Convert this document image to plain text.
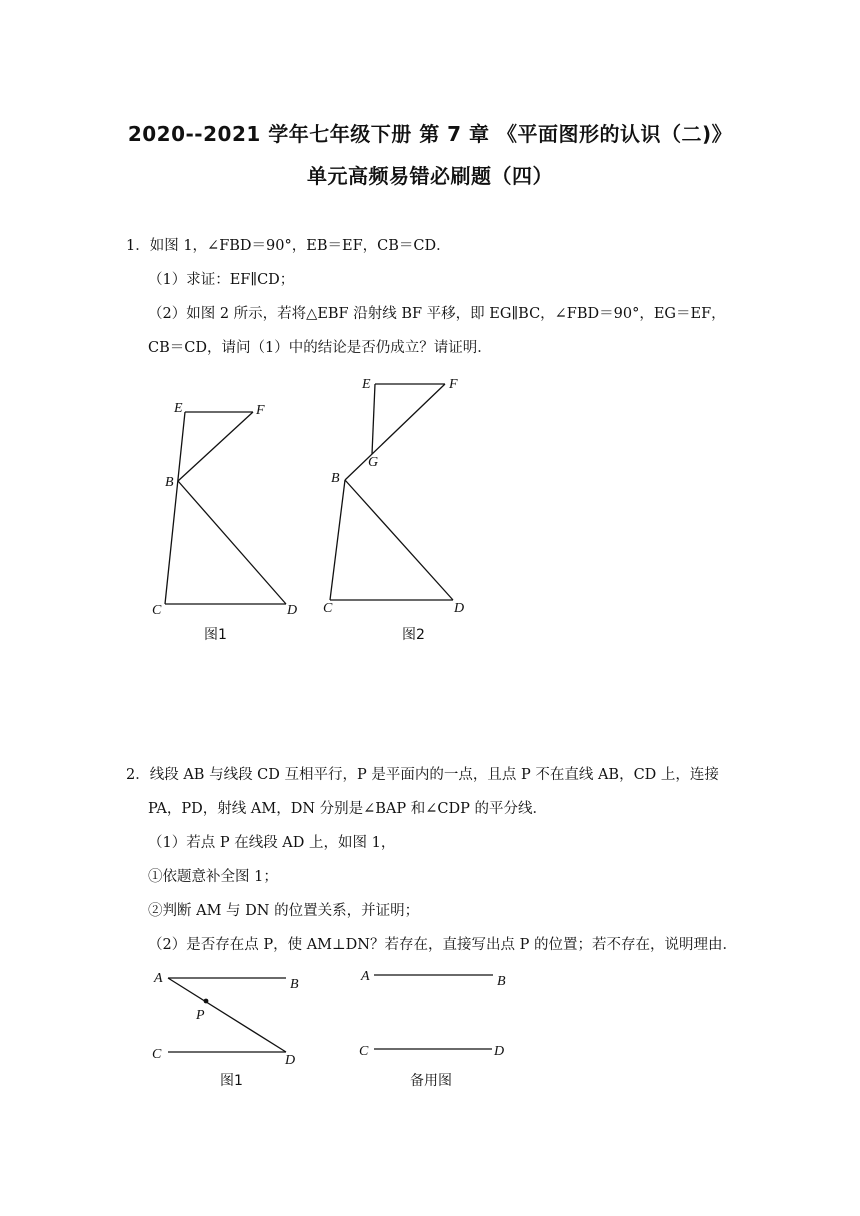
2020--2021 学年七年级下册 第 7 章 《平面图形的认识（二)》
单元高频易错必刷题（四）
1．如图 1，∠FBD＝90°，EB＝EF，CB＝CD．
（1）求证：EF∥CD；
（2）如图 2 所示，若将△EBF 沿射线 BF 平移，即 EG∥BC，∠FBD＝90°，EG＝EF，
CB＝CD，请问（1）中的结论是否仍成立？请证明．
E	F
B
C	D
图1
E	F
G
B
C	D
图2
2．线段 AB 与线段 CD 互相平行，P 是平面内的一点，且点 P 不在直线 AB，CD 上，连接
PA，PD，射线 AM，DN 分别是∠BAP 和∠CDP 的平分线．
（1）若点 P 在线段 AD 上，如图 1，
①依题意补全图 1；
②判断 AM 与 DN 的位置关系，并证明；
（2）是否存在点 P，使 AM⊥DN？若存在，直接写出点 P 的位置；若不存在，说明理由．
A	B
P
C	D
图1
A	B
C	D
备用图
